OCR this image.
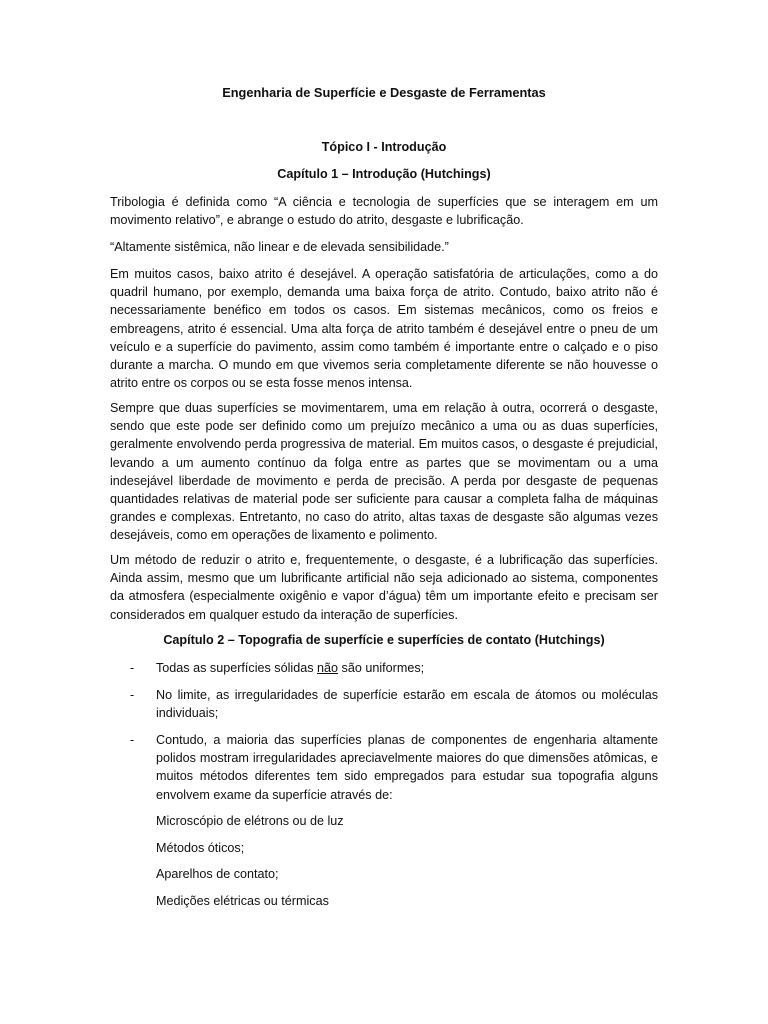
Engenharia de Superfície e Desgaste de Ferramentas
Tópico I - Introdução
Capítulo 1 – Introdução (Hutchings)

Tribologia é definida como “A ciência e tecnologia de superfícies que se interagem em um movimento relativo”, e abrange o estudo do atrito, desgaste e lubrificação.

“Altamente sistêmica, não linear e de elevada sensibilidade.”

Em muitos casos, baixo atrito é desejável. A operação satisfatória de articulações, como a do quadril humano, por exemplo, demanda uma baixa força de atrito. Contudo, baixo atrito não é necessariamente benéfico em todos os casos. Em sistemas mecânicos, como os freios e embreagens, atrito é essencial. Uma alta força de atrito também é desejável entre o pneu de um veículo e a superfície do pavimento, assim como também é importante entre o calçado e o piso durante a marcha. O mundo em que vivemos seria completamente diferente se não houvesse o atrito entre os corpos ou se esta fosse menos intensa.

Sempre que duas superfícies se movimentarem, uma em relação à outra, ocorrerá o desgaste, sendo que este pode ser definido como um prejuízo mecânico a uma ou as duas superfícies, geralmente envolvendo perda progressiva de material. Em muitos casos, o desgaste é prejudicial, levando a um aumento contínuo da folga entre as partes que se movimentam ou a uma indesejável liberdade de movimento e perda de precisão. A perda por desgaste de pequenas quantidades relativas de material pode ser suficiente para causar a completa falha de máquinas grandes e complexas. Entretanto, no caso do atrito, altas taxas de desgaste são algumas vezes desejáveis, como em operações de lixamento e polimento.

Um método de reduzir o atrito e, frequentemente, o desgaste, é a lubrificação das superfícies. Ainda assim, mesmo que um lubrificante artificial não seja adicionado ao sistema, componentes da atmosfera (especialmente oxigênio e vapor d’água) têm um importante efeito e precisam ser considerados em qualquer estudo da interação de superfícies.

Capítulo 2 – Topografia de superfície e superfícies de contato (Hutchings)
- Todas as superfícies sólidas não são uniformes;
- No limite, as irregularidades de superfície estarão em escala de átomos ou moléculas individuais;
- Contudo, a maioria das superfícies planas de componentes de engenharia altamente polidos mostram irregularidades apreciavelmente maiores do que dimensões atômicas, e muitos métodos diferentes tem sido empregados para estudar sua topografia alguns envolvem exame da superfície através de:
Microscópio de elétrons ou de luz
Métodos óticos;
Aparelhos de contato;
Medições elétricas ou térmicas
